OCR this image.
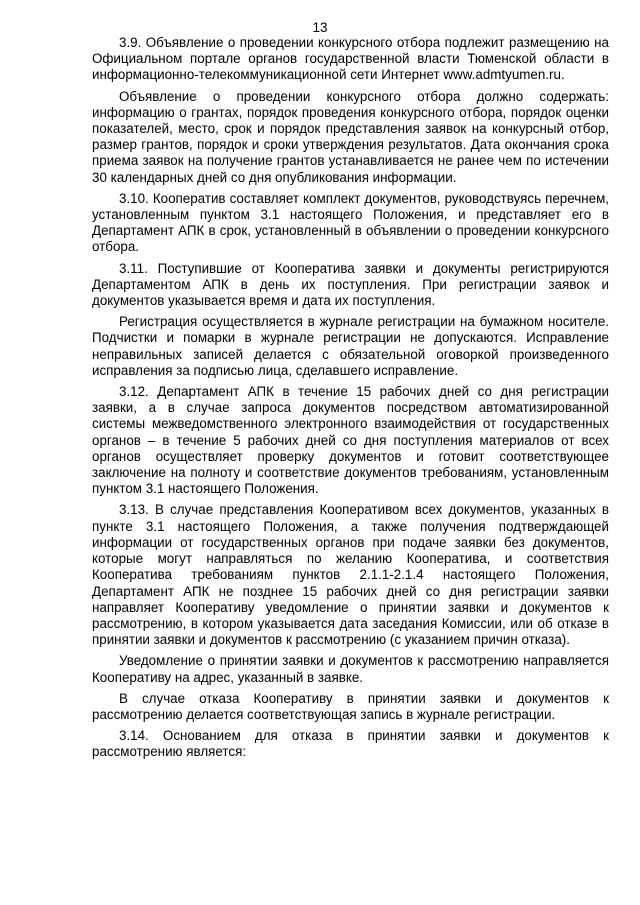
13

3.9. Объявление о проведении конкурсного отбора подлежит размещению на Официальном портале органов государственной власти Тюменской области в информационно-телекоммуникационной сети Интернет www.admtyumen.ru.

Объявление о проведении конкурсного отбора должно содержать: информацию о грантах, порядок проведения конкурсного отбора, порядок оценки показателей, место, срок и порядок представления заявок на конкурсный отбор, размер грантов, порядок и сроки утверждения результатов. Дата окончания срока приема заявок на получение грантов устанавливается не ранее чем по истечении 30 календарных дней со дня опубликования информации.

3.10. Кооператив составляет комплект документов, руководствуясь перечнем, установленным пунктом 3.1 настоящего Положения, и представляет его в Департамент АПК в срок, установленный в объявлении о проведении конкурсного отбора.

3.11. Поступившие от Кооператива заявки и документы регистрируются Департаментом АПК в день их поступления. При регистрации заявок и документов указывается время и дата их поступления.

Регистрация осуществляется в журнале регистрации на бумажном носителе. Подчистки и помарки в журнале регистрации не допускаются. Исправление неправильных записей делается с обязательной оговоркой произведенного исправления за подписью лица, сделавшего исправление.

3.12. Департамент АПК в течение 15 рабочих дней со дня регистрации заявки, а в случае запроса документов посредством автоматизированной системы межведомственного электронного взаимодействия от государственных органов – в течение 5 рабочих дней со дня поступления материалов от всех органов осуществляет проверку документов и готовит соответствующее заключение на полноту и соответствие документов требованиям, установленным пунктом 3.1 настоящего Положения.

3.13. В случае представления Кооперативом всех документов, указанных в пункте 3.1 настоящего Положения, а также получения подтверждающей информации от государственных органов при подаче заявки без документов, которые могут направляться по желанию Кооператива, и соответствия Кооператива требованиям пунктов 2.1.1-2.1.4 настоящего Положения, Департамент АПК не позднее 15 рабочих дней со дня регистрации заявки направляет Кооперативу уведомление о принятии заявки и документов к рассмотрению, в котором указывается дата заседания Комиссии, или об отказе в принятии заявки и документов к рассмотрению (с указанием причин отказа).

Уведомление о принятии заявки и документов к рассмотрению направляется Кооперативу на адрес, указанный в заявке.

В случае отказа Кооперативу в принятии заявки и документов к рассмотрению делается соответствующая запись в журнале регистрации.

3.14. Основанием для отказа в принятии заявки и документов к рассмотрению является:
